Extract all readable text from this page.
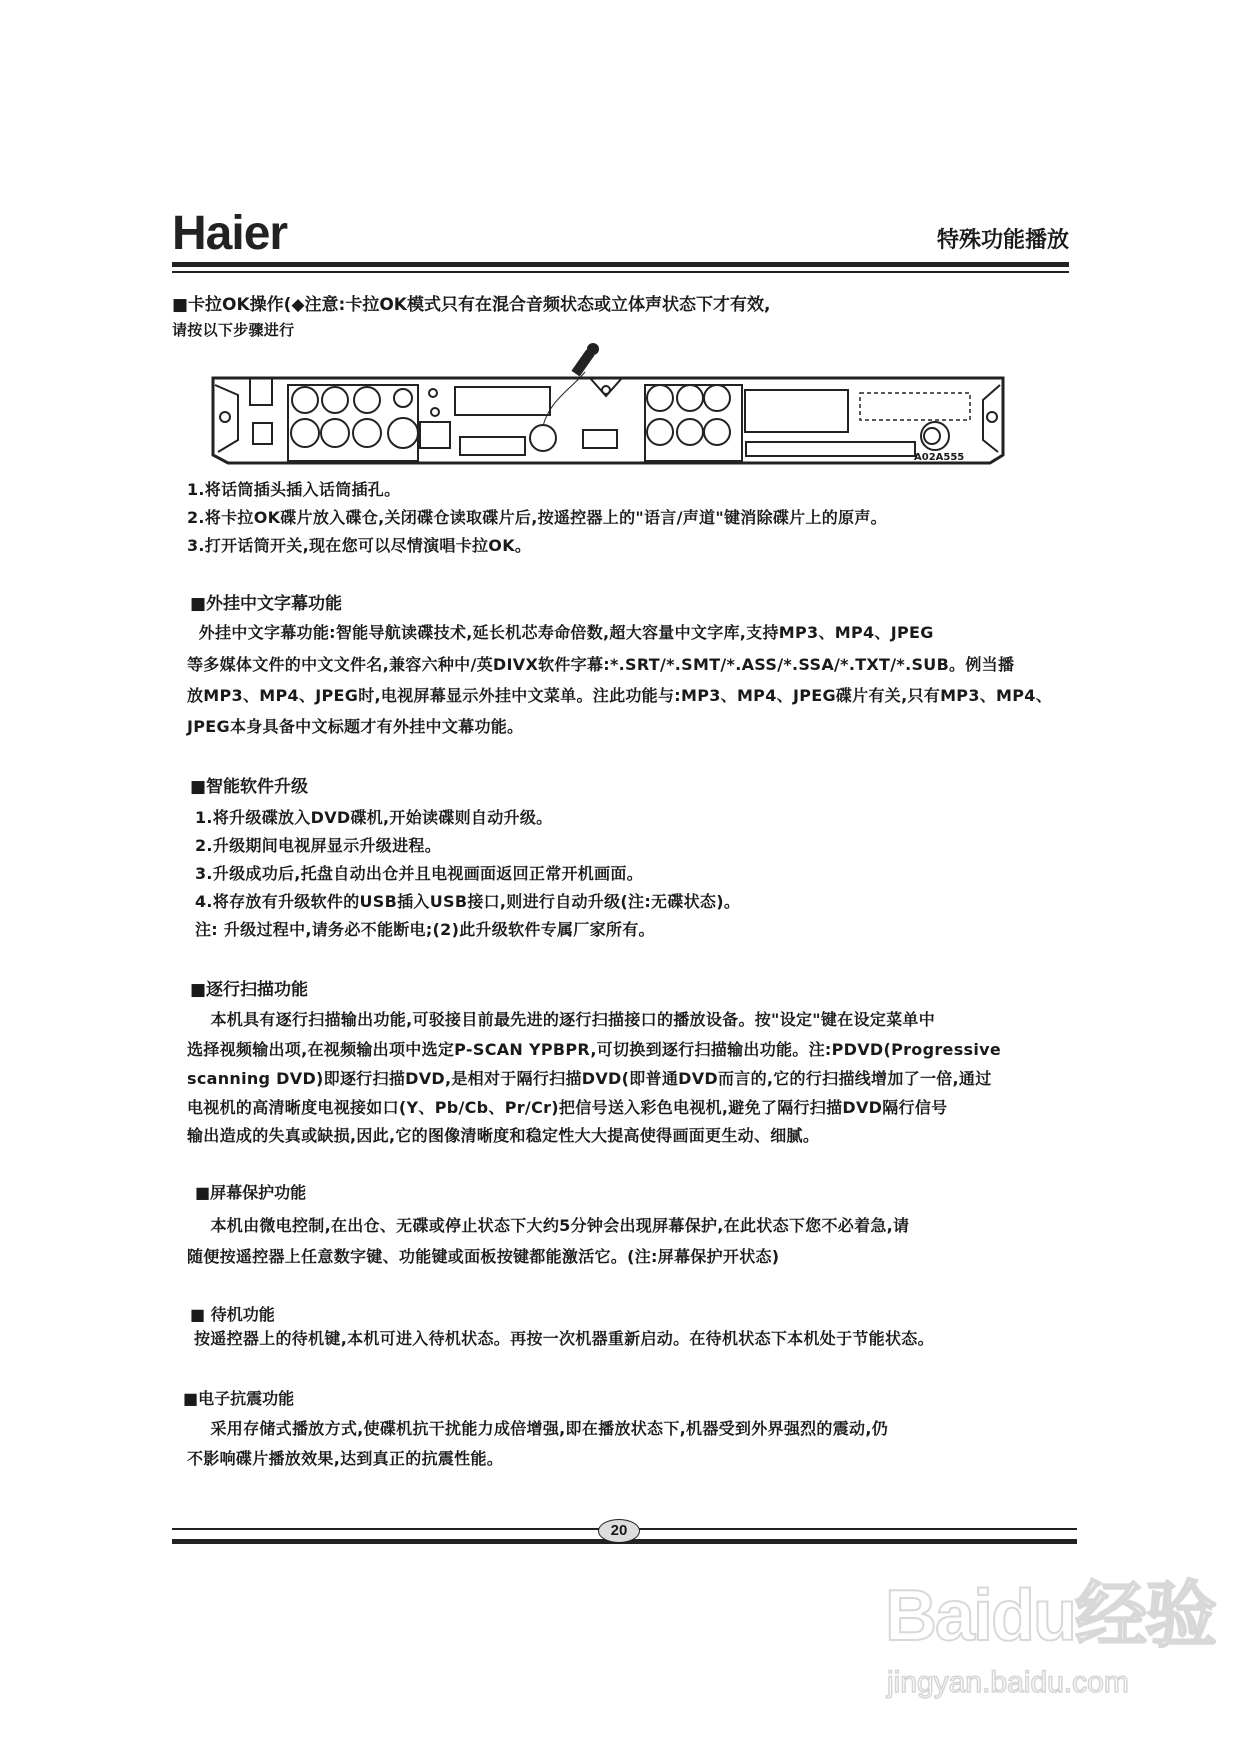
Haier	特殊功能播放
■卡拉OK操作(◆注意:卡拉OK模式只有在混合音频状态或立体声状态下才有效,
请按以下步骤进行
A02A555
1.将话筒插头插入话筒插孔。
2.将卡拉OK碟片放入碟仓,关闭碟仓读取碟片后,按遥控器上的"语言/声道"键消除碟片上的原声。
3.打开话筒开关,现在您可以尽情演唱卡拉OK。
■外挂中文字幕功能
外挂中文字幕功能:智能导航读碟技术,延长机芯寿命倍数,超大容量中文字库,支持MP3、MP4、JPEG
等多媒体文件的中文文件名,兼容六种中/英DIVX软件字幕:*.SRT/*.SMT/*.ASS/*.SSA/*.TXT/*.SUB。例当播
放MP3、MP4、JPEG时,电视屏幕显示外挂中文菜单。注此功能与:MP3、MP4、JPEG碟片有关,只有MP3、MP4、
JPEG本身具备中文标题才有外挂中文幕功能。
■智能软件升级
1.将升级碟放入DVD碟机,开始读碟则自动升级。
2.升级期间电视屏显示升级进程。
3.升级成功后,托盘自动出仓并且电视画面返回正常开机画面。
4.将存放有升级软件的USB插入USB接口,则进行自动升级(注:无碟状态)。
注: 升级过程中,请务必不能断电;(2)此升级软件专属厂家所有。
■逐行扫描功能
本机具有逐行扫描输出功能,可驳接目前最先进的逐行扫描接口的播放设备。按"设定"键在设定菜单中
选择视频输出项,在视频输出项中选定P-SCAN YPBPR,可切换到逐行扫描输出功能。注:PDVD(Progressive
scanning DVD)即逐行扫描DVD,是相对于隔行扫描DVD(即普通DVD而言的,它的行扫描线增加了一倍,通过
电视机的高清晰度电视接如口(Y、Pb/Cb、Pr/Cr)把信号送入彩色电视机,避免了隔行扫描DVD隔行信号
输出造成的失真或缺损,因此,它的图像清晰度和稳定性大大提高使得画面更生动、细腻。
■屏幕保护功能
本机由微电控制,在出仓、无碟或停止状态下大约5分钟会出现屏幕保护,在此状态下您不必着急,请
随便按遥控器上任意数字键、功能键或面板按键都能激活它。(注:屏幕保护开状态)
■ 待机功能
按遥控器上的待机键,本机可进入待机状态。再按一次机器重新启动。在待机状态下本机处于节能状态。
■电子抗震功能
采用存储式播放方式,使碟机抗干扰能力成倍增强,即在播放状态下,机器受到外界强烈的震动,仍
不影响碟片播放效果,达到真正的抗震性能。
20
Baidu经验
jingyan.baidu.com
